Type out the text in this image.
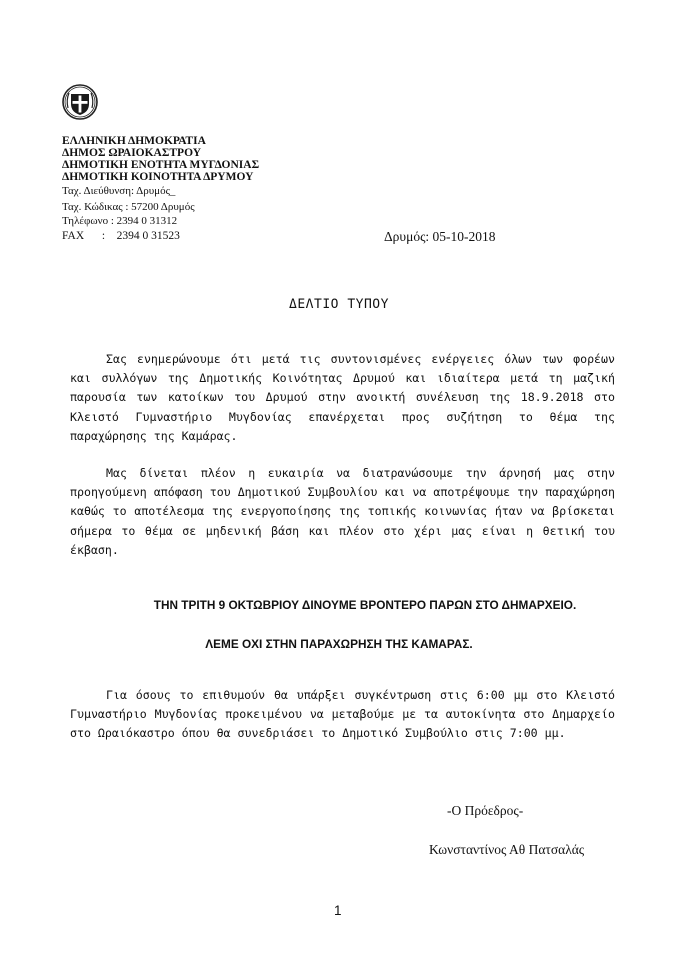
ΕΛΛΗΝΙΚΗ ΔΗΜΟΚΡΑΤΙΑ
ΔΗΜΟΣ ΩΡΑΙΟΚΑΣΤΡΟΥ
ΔΗΜΟΤΙΚΗ ΕΝΟΤΗΤΑ ΜΥΓΔΟΝΙΑΣ
ΔΗΜΟΤΙΚΗ ΚΟΙΝΟΤΗΤΑ ΔΡΥΜΟΥ
Ταχ. Διεύθυνση: Δρυμός_
Ταχ. Κώδικας : 57200 Δρυμός
Τηλέφωνο : 2394 0 31312
FAX :    2394 0 31523	Δρυμός: 05-10-2018
ΔΕΛΤΙΟ ΤΥΠΟΥ

Σας ενημερώνουμε ότι μετά τις συντονισμένες ενέργειες όλων των φορέων και συλλόγων της Δημοτικής Κοινότητας Δρυμού και ιδιαίτερα μετά τη μαζική παρουσία των κατοίκων του Δρυμού στην ανοικτή συνέλευση της 18.9.2018 στο Κλειστό Γυμναστήριο Μυγδονίας επανέρχεται προς συζήτηση το θέμα της παραχώρησης της Καμάρας.

Μας δίνεται πλέον η ευκαιρία να διατρανώσουμε την άρνησή μας στην προηγούμενη απόφαση του Δημοτικού Συμβουλίου και να αποτρέψουμε την παραχώρηση καθώς το αποτέλεσμα της ενεργοποίησης της τοπικής κοινωνίας ήταν να βρίσκεται σήμερα το θέμα σε μηδενική βάση και πλέον στο χέρι μας είναι η θετική του έκβαση.

ΤΗΝ ΤΡΙΤΗ 9 ΟΚΤΩΒΡΙΟΥ ΔΙΝΟΥΜΕ ΒΡΟΝΤΕΡΟ ΠΑΡΩΝ ΣΤΟ ΔΗΜΑΡΧΕΙΟ.
ΛΕΜΕ ΟΧΙ ΣΤΗΝ ΠΑΡΑΧΩΡΗΣΗ ΤΗΣ ΚΑΜΑΡΑΣ.

Για όσους το επιθυμούν θα υπάρξει συγκέντρωση στις 6:00 μμ στο Κλειστό Γυμναστήριο Μυγδονίας προκειμένου να μεταβούμε με τα αυτοκίνητα στο Δημαρχείο στο Ωραιόκαστρο όπου θα συνεδριάσει το Δημοτικό Συμβούλιο στις 7:00 μμ.

-Ο Πρόεδρος-
Κωνσταντίνος Αθ Πατσαλάς
1
